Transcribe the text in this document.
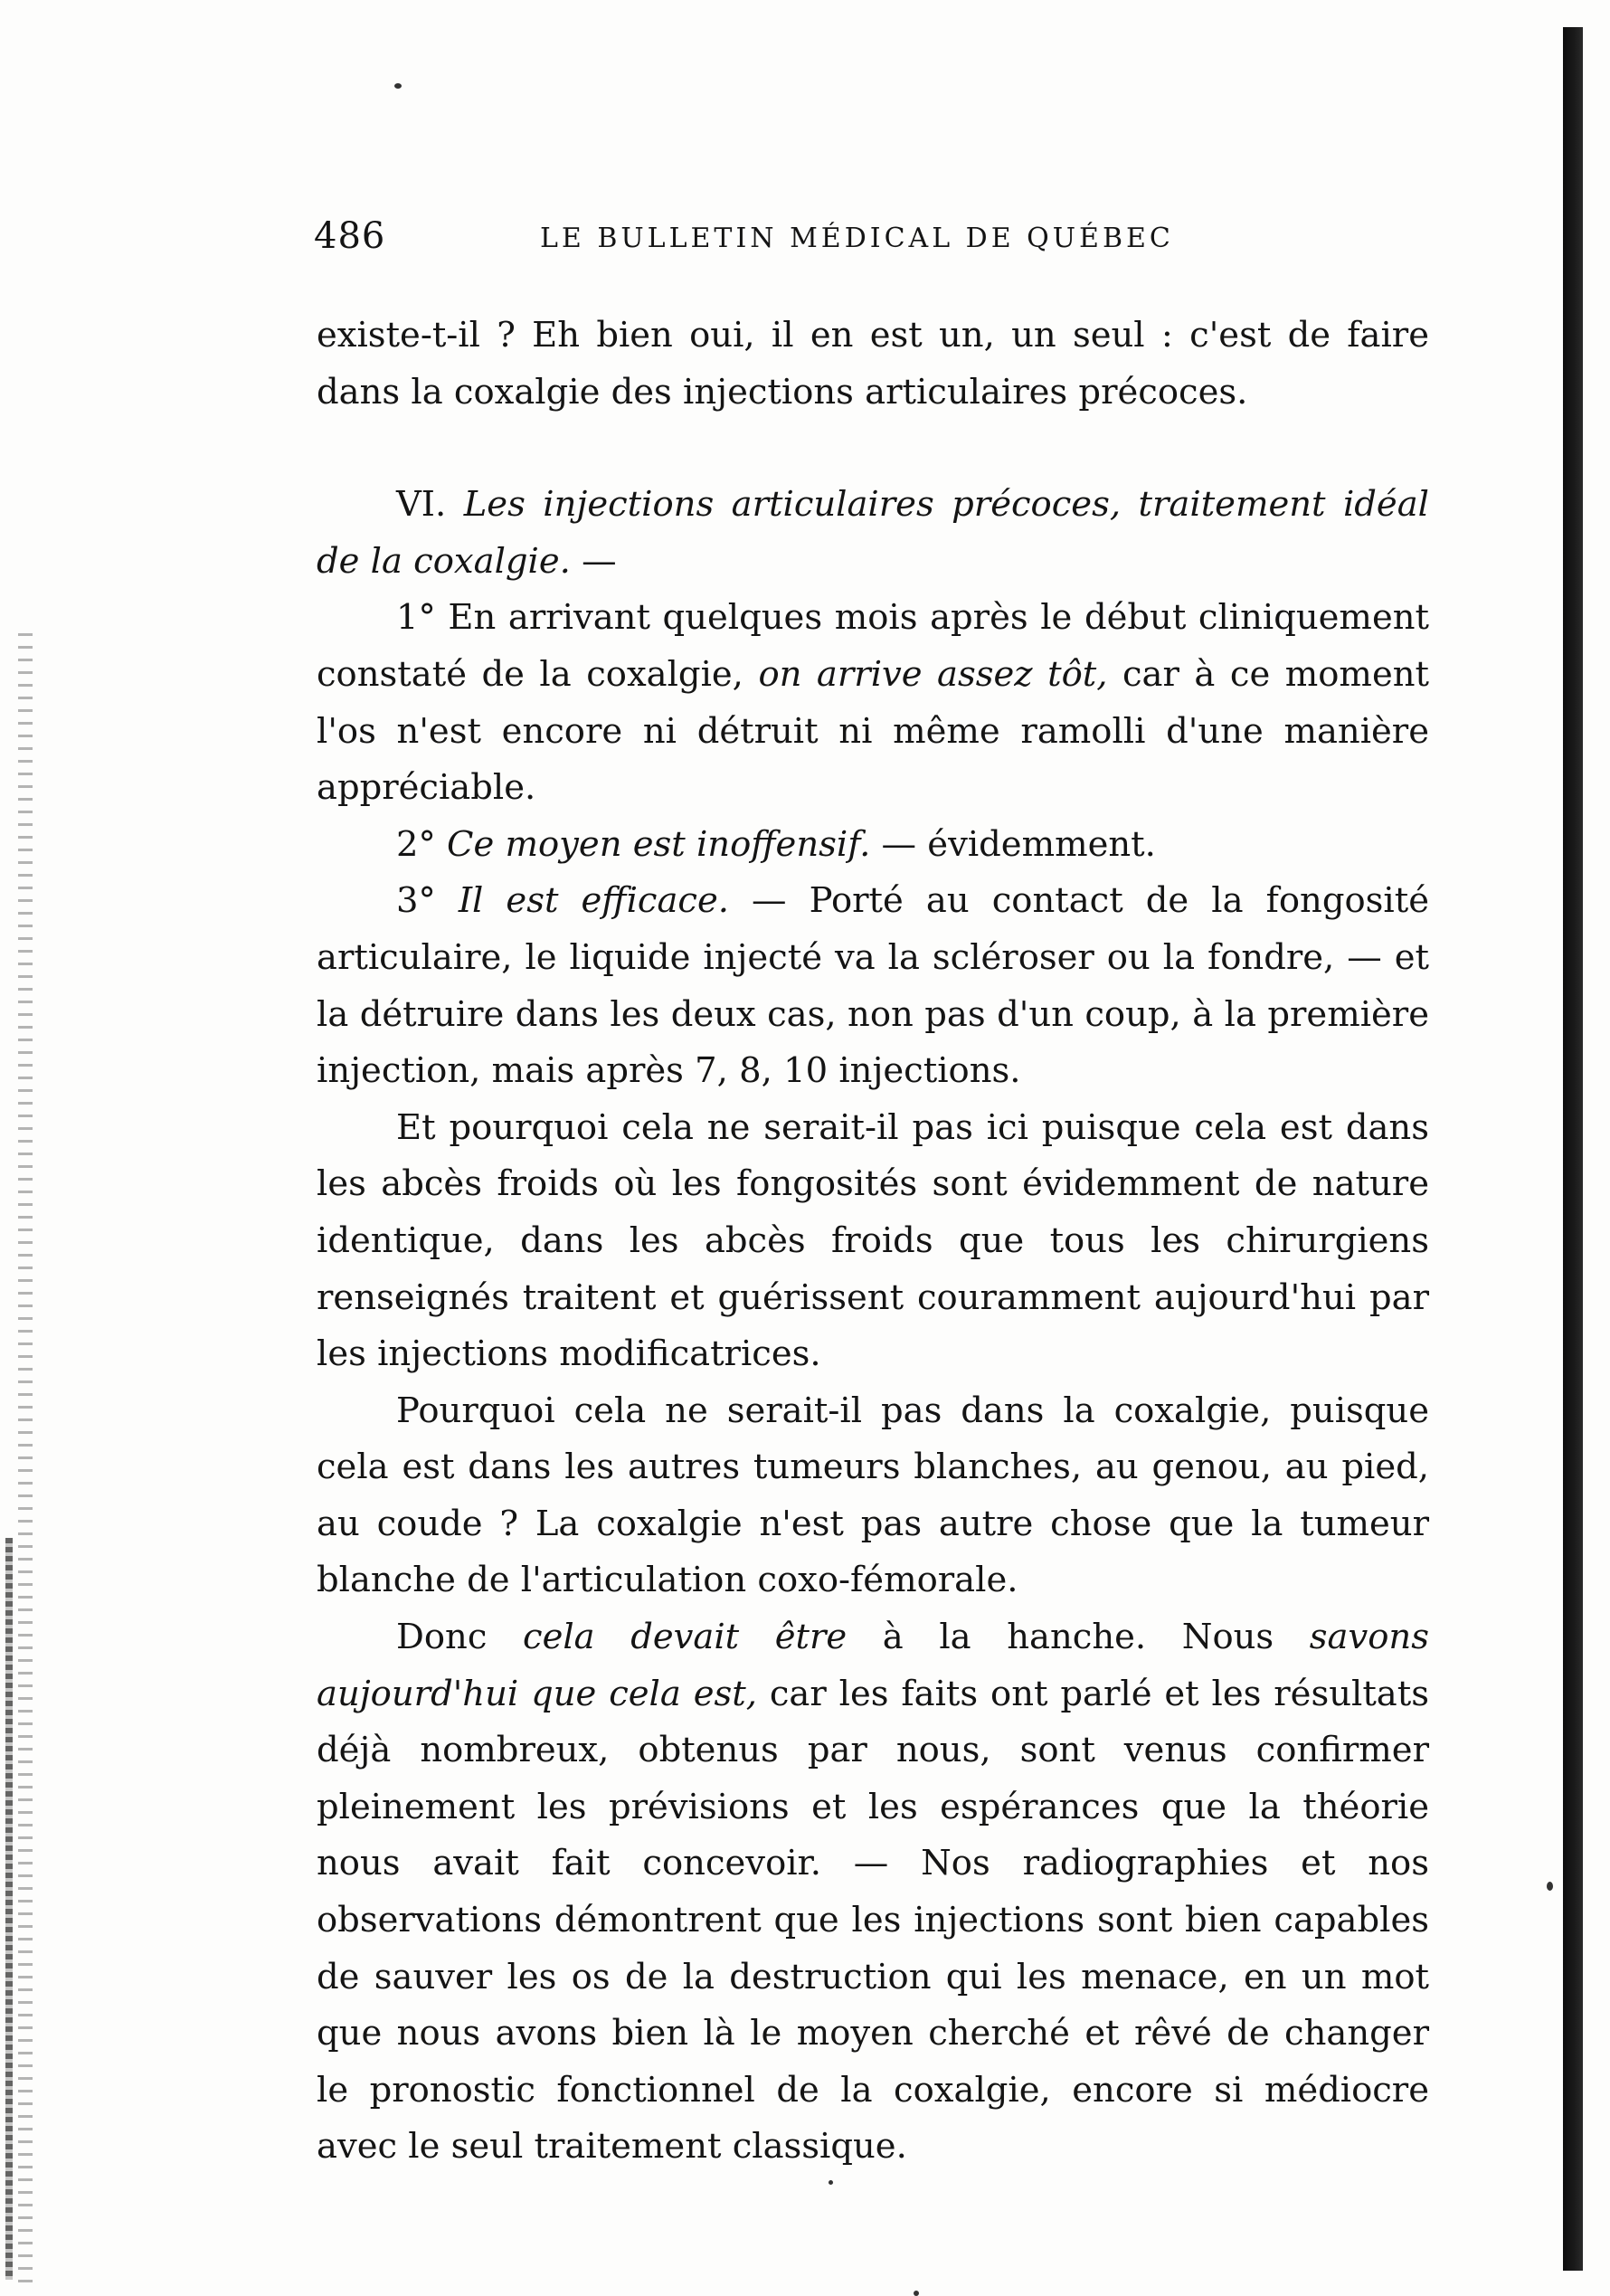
486	LE BULLETIN MÉDICAL DE QUÉBEC

existe-t-il ? Eh bien oui, il en est un, un seul : c'est de faire dans la coxalgie des injections articulaires précoces.

VI. Les injections articulaires précoces, traitement idéal de la coxalgie. —

1° En arrivant quelques mois après le début cliniquement constaté de la coxalgie, on arrive assez tôt, car à ce moment l'os n'est encore ni détruit ni même ramolli d'une manière appréciable.

2° Ce moyen est inoffensif. — évidemment.

3° Il est efficace. — Porté au contact de la fongosité articulaire, le liquide injecté va la scléroser ou la fondre, — et la détruire dans les deux cas, non pas d'un coup, à la première injection, mais après 7, 8, 10 injections.

Et pourquoi cela ne serait-il pas ici puisque cela est dans les abcès froids où les fongosités sont évidemment de nature identique, dans les abcès froids que tous les chirurgiens renseignés traitent et guérissent couramment aujourd'hui par les injections modificatrices.

Pourquoi cela ne serait-il pas dans la coxalgie, puisque cela est dans les autres tumeurs blanches, au genou, au pied, au coude ? La coxalgie n'est pas autre chose que la tumeur blanche de l'articulation coxo-fémorale.

Donc cela devait être à la hanche. Nous savons aujourd'hui que cela est, car les faits ont parlé et les résultats déjà nombreux, obtenus par nous, sont venus confirmer pleinement les prévisions et les espérances que la théorie nous avait fait concevoir. — Nos radiographies et nos observations démontrent que les injections sont bien capables de sauver les os de la destruction qui les menace, en un mot que nous avons bien là le moyen cherché et rêvé de changer le pronostic fonctionnel de la coxalgie, encore si médiocre avec le seul traitement classique.
